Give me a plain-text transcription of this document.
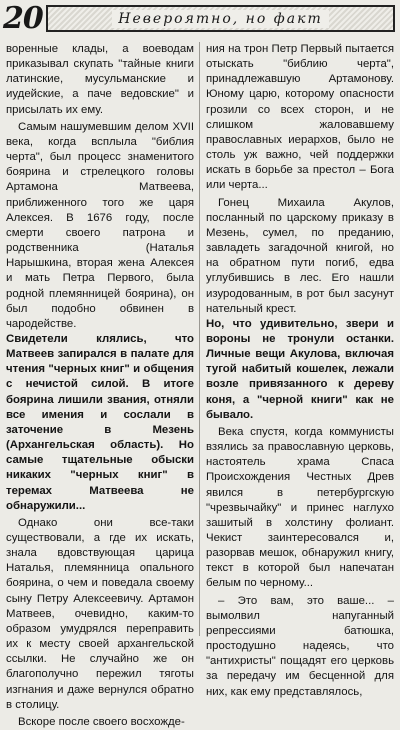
20	Невероятно, но факт

воренные клады, а воеводам приказывал скупать "тайные книги латинские, мусульманские и иудейские, а паче ведовские" и присылать их ему.

Самым нашумевшим делом XVII века, когда всплыла "библия черта", был процесс знаменитого боярина и стрелецкого головы Артамона Матвеева, приближенного того же царя Алексея. В 1676 году, после смерти своего патрона и родственника (Наталья Нарышкина, вторая жена Алексея и мать Петра Первого, была родной племянницей боярина), он был подобно обвинен в чародействе.

Свидетели клялись, что Матвеев запирался в палате для чтения "черных книг" и общения с нечистой силой. В итоге боярина лишили звания, отняли все имения и сослали в заточение в Мезень (Архангельская область). Но самые тщательные обыски никаких "черных книг" в теремах Матвеева не обнаружили...

Однако они все-таки существовали, а где их искать, знала вдовствующая царица Наталья, племянница опального боярина, о чем и поведала своему сыну Петру Алексеевичу. Артамон Матвеев, очевидно, каким-то образом умудрялся переправить их к месту своей архангельской ссылки. Не случайно же он благополучно пережил тяготы изгнания и даже вернулся обратно в столицу.

Вскоре после своего восхожде-

ния на трон Петр Первый пытается отыскать "библию черта", принадлежавшую Артамонову. Юному царю, которому опасности грозили со всех сторон, и не слишком жаловавшему православных иерархов, было не столь уж важно, чей поддержки искать в борьбе за престол – Бога или черта...

Гонец Михаила Акулов, посланный по царскому приказу в Мезень, сумел, по преданию, завладеть загадочной книгой, но на обратном пути погиб, едва углубившись в лес. Его нашли изуродованным, в рот был засунут нательный крест.

Но, что удивительно, звери и вороны не тронули останки. Личные вещи Акулова, включая тугой набитый кошелек, лежали возле привязанного к дереву коня, а "черной книги" как не бывало.

Века спустя, когда коммунисты взялись за православную церковь, настоятель храма Спаса Происхождения Честных Древ явился в петербургскую "чрезвычайку" и принес наглухо зашитый в холстину фолиант. Чекист заинтересовался и, разорвав мешок, обнаружил книгу, текст в которой был напечатан белым по черному...

– Это вам, это ваше... – вымолвил напуганный репрессиями батюшка, простодушно надеясь, что "антихристы" пощадят его церковь за передачу им бесценной для них, как ему представлялось,
